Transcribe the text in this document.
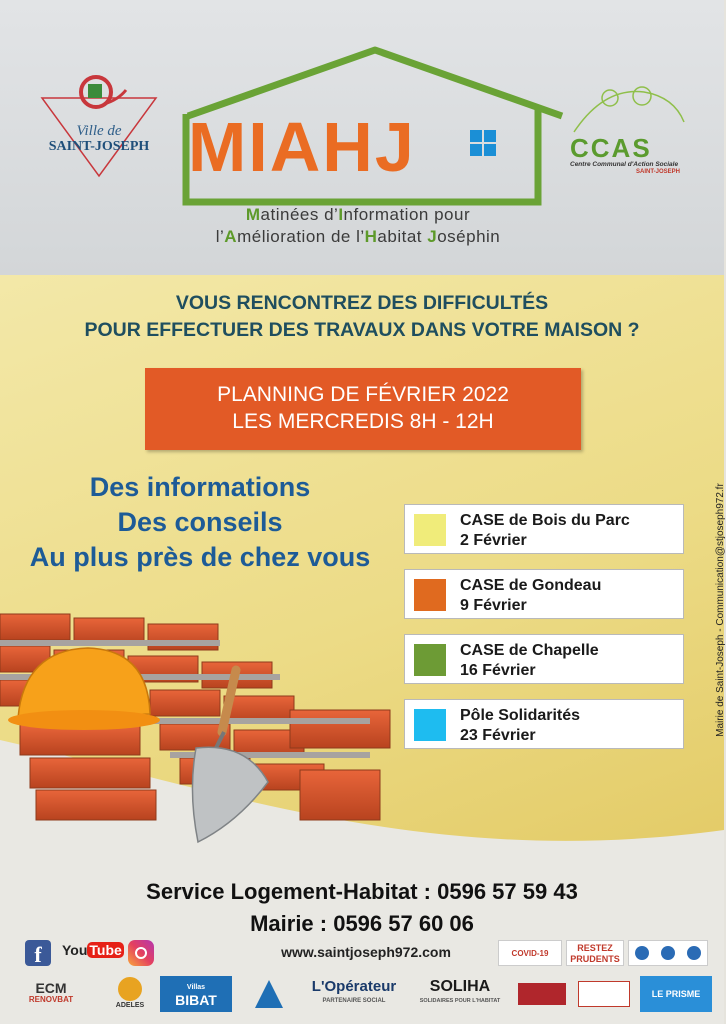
Ville de
SAINT-JOSEPH MIAHJ
Matinées d’Information pour
l’Amélioration de l’Habitat Joséphin
CCAS
Centre Communal d'Action Sociale
SAINT-JOSEPH
VOUS RENCONTREZ DES DIFFICULTÉS
POUR EFFECTUER DES TRAVAUX DANS VOTRE MAISON ?
PLANNING DE FÉVRIER 2022
LES MERCREDIS 8H - 12H
Des informations
Des conseils
Au plus près de chez vous
CASE de Bois du Parc
2 Février
CASE de Gondeau
9 Février
CASE de Chapelle
16 Février
Pôle Solidarités
23 Février	Mairie de Saint-Joseph - Communication@stjoseph972.fr
Service Logement-Habitat : 0596 57 59 43
Mairie : 0596 57 60 06
f	You Tube	www.saintjoseph972.com	COVID-19
RESTEZ
PRUDENTS
ECM
RENOVBAT
ADELES
Villas
BIBAT
L'Opérateur
PARTENAIRE SOCIAL
SOLIHA
SOLIDAIRES POUR L'HABITAT
LE PRISME
